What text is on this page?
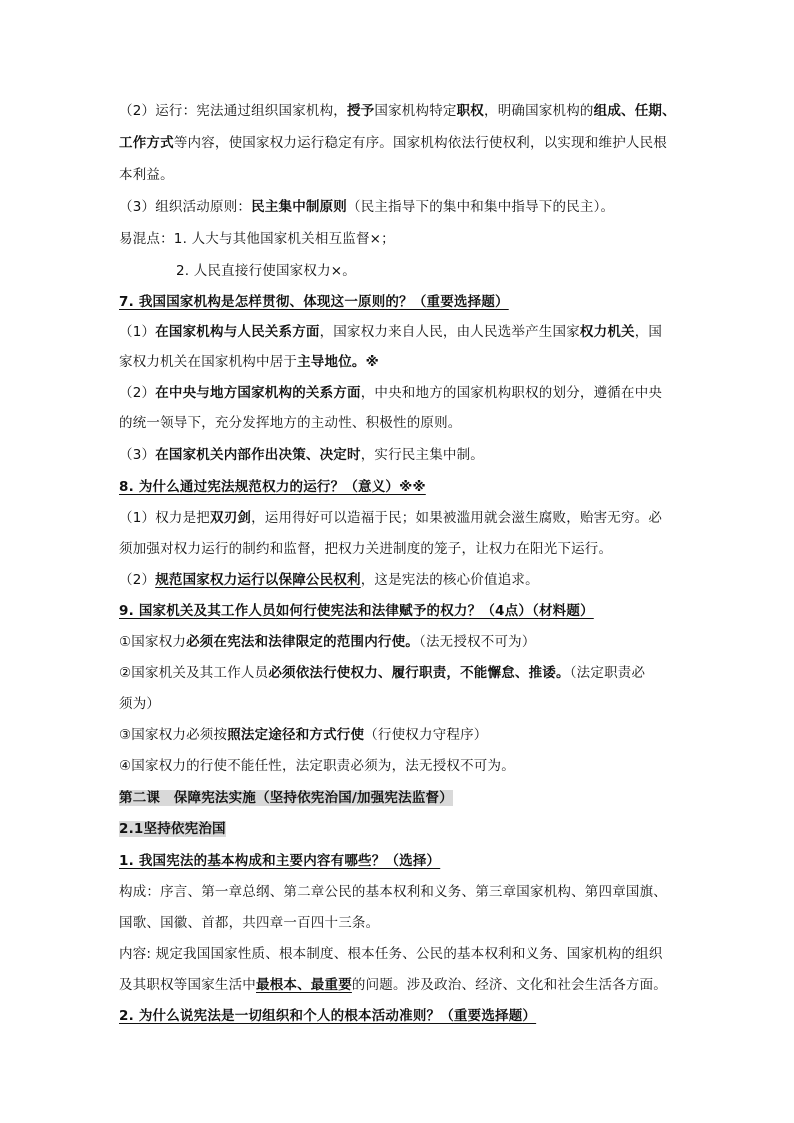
（2）运行：宪法通过组织国家机构，授予国家机构特定职权，明确国家机构的组成、任期、
工作方式等内容，使国家权力运行稳定有序。国家机构依法行使权利，以实现和维护人民根
本利益。
（3）组织活动原则：民主集中制原则（民主指导下的集中和集中指导下的民主）。
易混点：1. 人大与其他国家机关相互监督×；
2. 人民直接行使国家权力×。
7. 我国国家机构是怎样贯彻、体现这一原则的？（重要选择题）
（1）在国家机构与人民关系方面，国家权力来自人民，由人民选举产生国家权力机关，国
家权力机关在国家机构中居于主导地位。※
（2）在中央与地方国家机构的关系方面，中央和地方的国家机构职权的划分，遵循在中央
的统一领导下，充分发挥地方的主动性、积极性的原则。
（3）在国家机关内部作出决策、决定时，实行民主集中制。
8. 为什么通过宪法规范权力的运行？（意义）※※
（1）权力是把双刃剑，运用得好可以造福于民；如果被滥用就会滋生腐败，贻害无穷。必
须加强对权力运行的制约和监督，把权力关进制度的笼子，让权力在阳光下运行。
（2）规范国家权力运行以保障公民权利，这是宪法的核心价值追求。
9. 国家机关及其工作人员如何行使宪法和法律赋予的权力？（4点）（材料题）
①国家权力必须在宪法和法律限定的范围内行使。（法无授权不可为）
②国家机关及其工作人员必须依法行使权力、履行职责，不能懈怠、推诿。（法定职责必
须为）
③国家权力必须按照法定途径和方式行使（行使权力守程序）
④国家权力的行使不能任性，法定职责必须为，法无授权不可为。
第二课　保障宪法实施（坚持依宪治国/加强宪法监督）
2.1坚持依宪治国
1. 我国宪法的基本构成和主要内容有哪些？（选择）
构成：序言、第一章总纲、第二章公民的基本权利和义务、第三章国家机构、第四章国旗、
国歌、国徽、首都，共四章一百四十三条。
内容: 规定我国国家性质、根本制度、根本任务、公民的基本权利和义务、国家机构的组织
及其职权等国家生活中最根本、最重要的问题。涉及政治、经济、文化和社会生活各方面。
2. 为什么说宪法是一切组织和个人的根本活动准则？（重要选择题）
